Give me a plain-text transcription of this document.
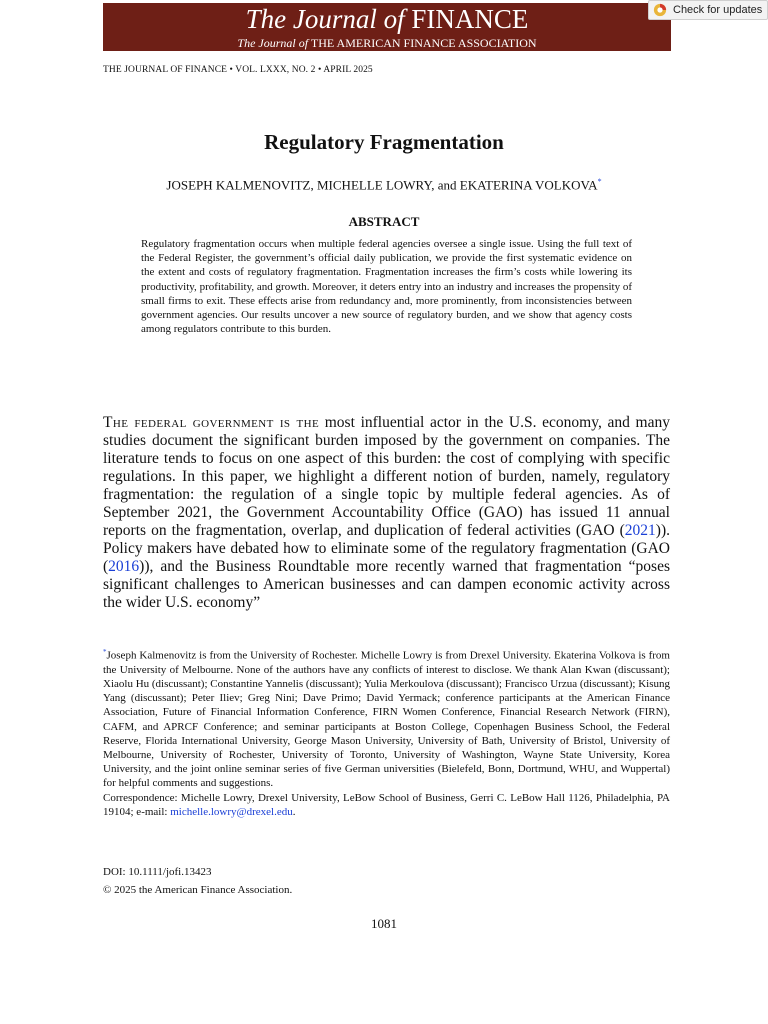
The Journal of FINANCE
The Journal of THE AMERICAN FINANCE ASSOCIATION
Check for updates
THE JOURNAL OF FINANCE • VOL. LXXX, NO. 2 • APRIL 2025
Regulatory Fragmentation
JOSEPH KALMENOVITZ, MICHELLE LOWRY, and EKATERINA VOLKOVA*
ABSTRACT
Regulatory fragmentation occurs when multiple federal agencies oversee a single issue. Using the full text of the Federal Register, the government’s official daily publication, we provide the first systematic evidence on the extent and costs of regulatory fragmentation. Fragmentation increases the firm’s costs while lowering its productivity, profitability, and growth. Moreover, it deters entry into an industry and increases the propensity of small firms to exit. These effects arise from redundancy and, more prominently, from inconsistencies between government agencies. Our results uncover a new source of regulatory burden, and we show that agency costs among regulators contribute to this burden.
The federal government is the most influential actor in the U.S. economy, and many studies document the significant burden imposed by the government on companies. The literature tends to focus on one aspect of this burden: the cost of complying with specific regulations. In this paper, we highlight a different notion of burden, namely, regulatory fragmentation: the regulation of a single topic by multiple federal agencies. As of September 2021, the Government Accountability Office (GAO) has issued 11 annual reports on the fragmentation, overlap, and duplication of federal activities (GAO (2021)). Policy makers have debated how to eliminate some of the regulatory fragmentation (GAO (2016)), and the Business Roundtable more recently warned that fragmentation “poses significant challenges to American businesses and can dampen economic activity across the wider U.S. economy”
*Joseph Kalmenovitz is from the University of Rochester. Michelle Lowry is from Drexel University. Ekaterina Volkova is from the University of Melbourne. None of the authors have any conflicts of interest to disclose. We thank Alan Kwan (discussant); Xiaolu Hu (discussant); Constantine Yannelis (discussant); Yulia Merkoulova (discussant); Francisco Urzua (discussant); Kisung Yang (discussant); Peter Iliev; Greg Nini; Dave Primo; David Yermack; conference participants at the American Finance Association, Future of Financial Information Conference, FIRN Women Conference, Financial Research Network (FIRN), CAFM, and APRCF Conference; and seminar participants at Boston College, Copenhagen Business School, the Federal Reserve, Florida International University, George Mason University, University of Bath, University of Bristol, University of Melbourne, University of Rochester, University of Toronto, University of Washington, Wayne State University, Korea University, and the joint online seminar series of five German universities (Bielefeld, Bonn, Dortmund, WHU, and Wuppertal) for helpful comments and suggestions.
Correspondence: Michelle Lowry, Drexel University, LeBow School of Business, Gerri C. LeBow Hall 1126, Philadelphia, PA 19104; e-mail: michelle.lowry@drexel.edu.
DOI: 10.1111/jofi.13423
© 2025 the American Finance Association.
1081
